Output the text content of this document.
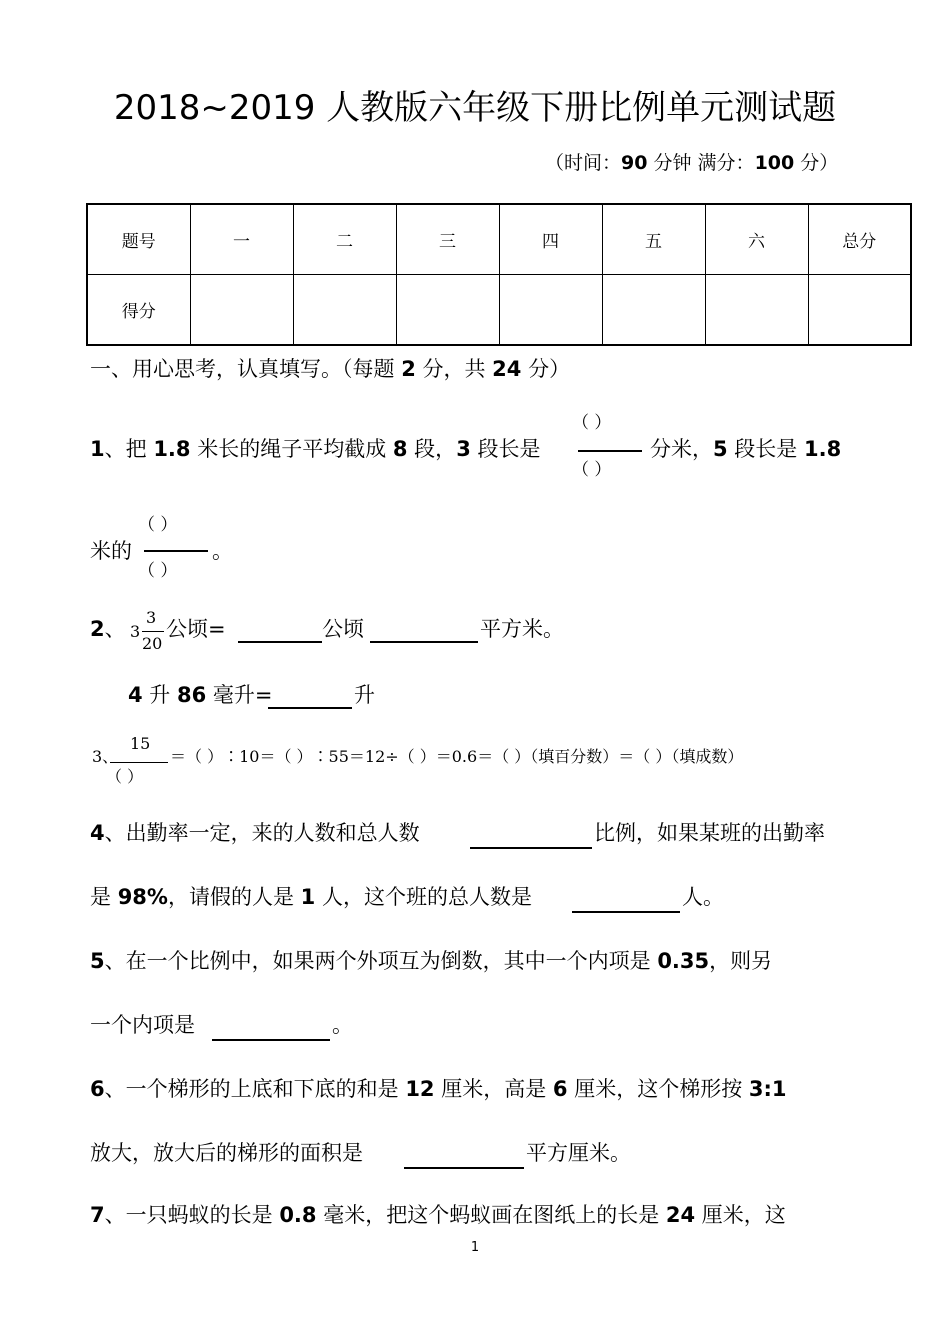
2018~2019 人教版六年级下册比例单元测试题
（时间：90 分钟 满分：100 分）
题号	一	二	三	四	五	六	总分
得分							
一、用心思考，认真填写。（每题 2 分，共 24 分）
1、把 1.8 米长的绳子平均截成 8 段，3 段长是
（ ）
（ ）
分米，5 段长是 1.8
米的
（ ）
（ ）
。
2、 3
3
20
公顷=	公顷	平方米。
4 升 86 毫升=	升
3、
15
（ ）
＝（ ）∶10＝（ ）∶55＝12÷（ ）＝0.6＝（ ）（填百分数）＝（ ）（填成数）
4、出勤率一定，来的人数和总人数	比例，如果某班的出勤率
是 98%，请假的人是 1 人，这个班的总人数是	人。
5、在一个比例中，如果两个外项互为倒数，其中一个内项是 0.35，则另
一个内项是	。
6、一个梯形的上底和下底的和是 12 厘米，高是 6 厘米，这个梯形按 3:1
放大，放大后的梯形的面积是	平方厘米。
7、一只蚂蚁的长是 0.8 毫米，把这个蚂蚁画在图纸上的长是 24 厘米，这
1
